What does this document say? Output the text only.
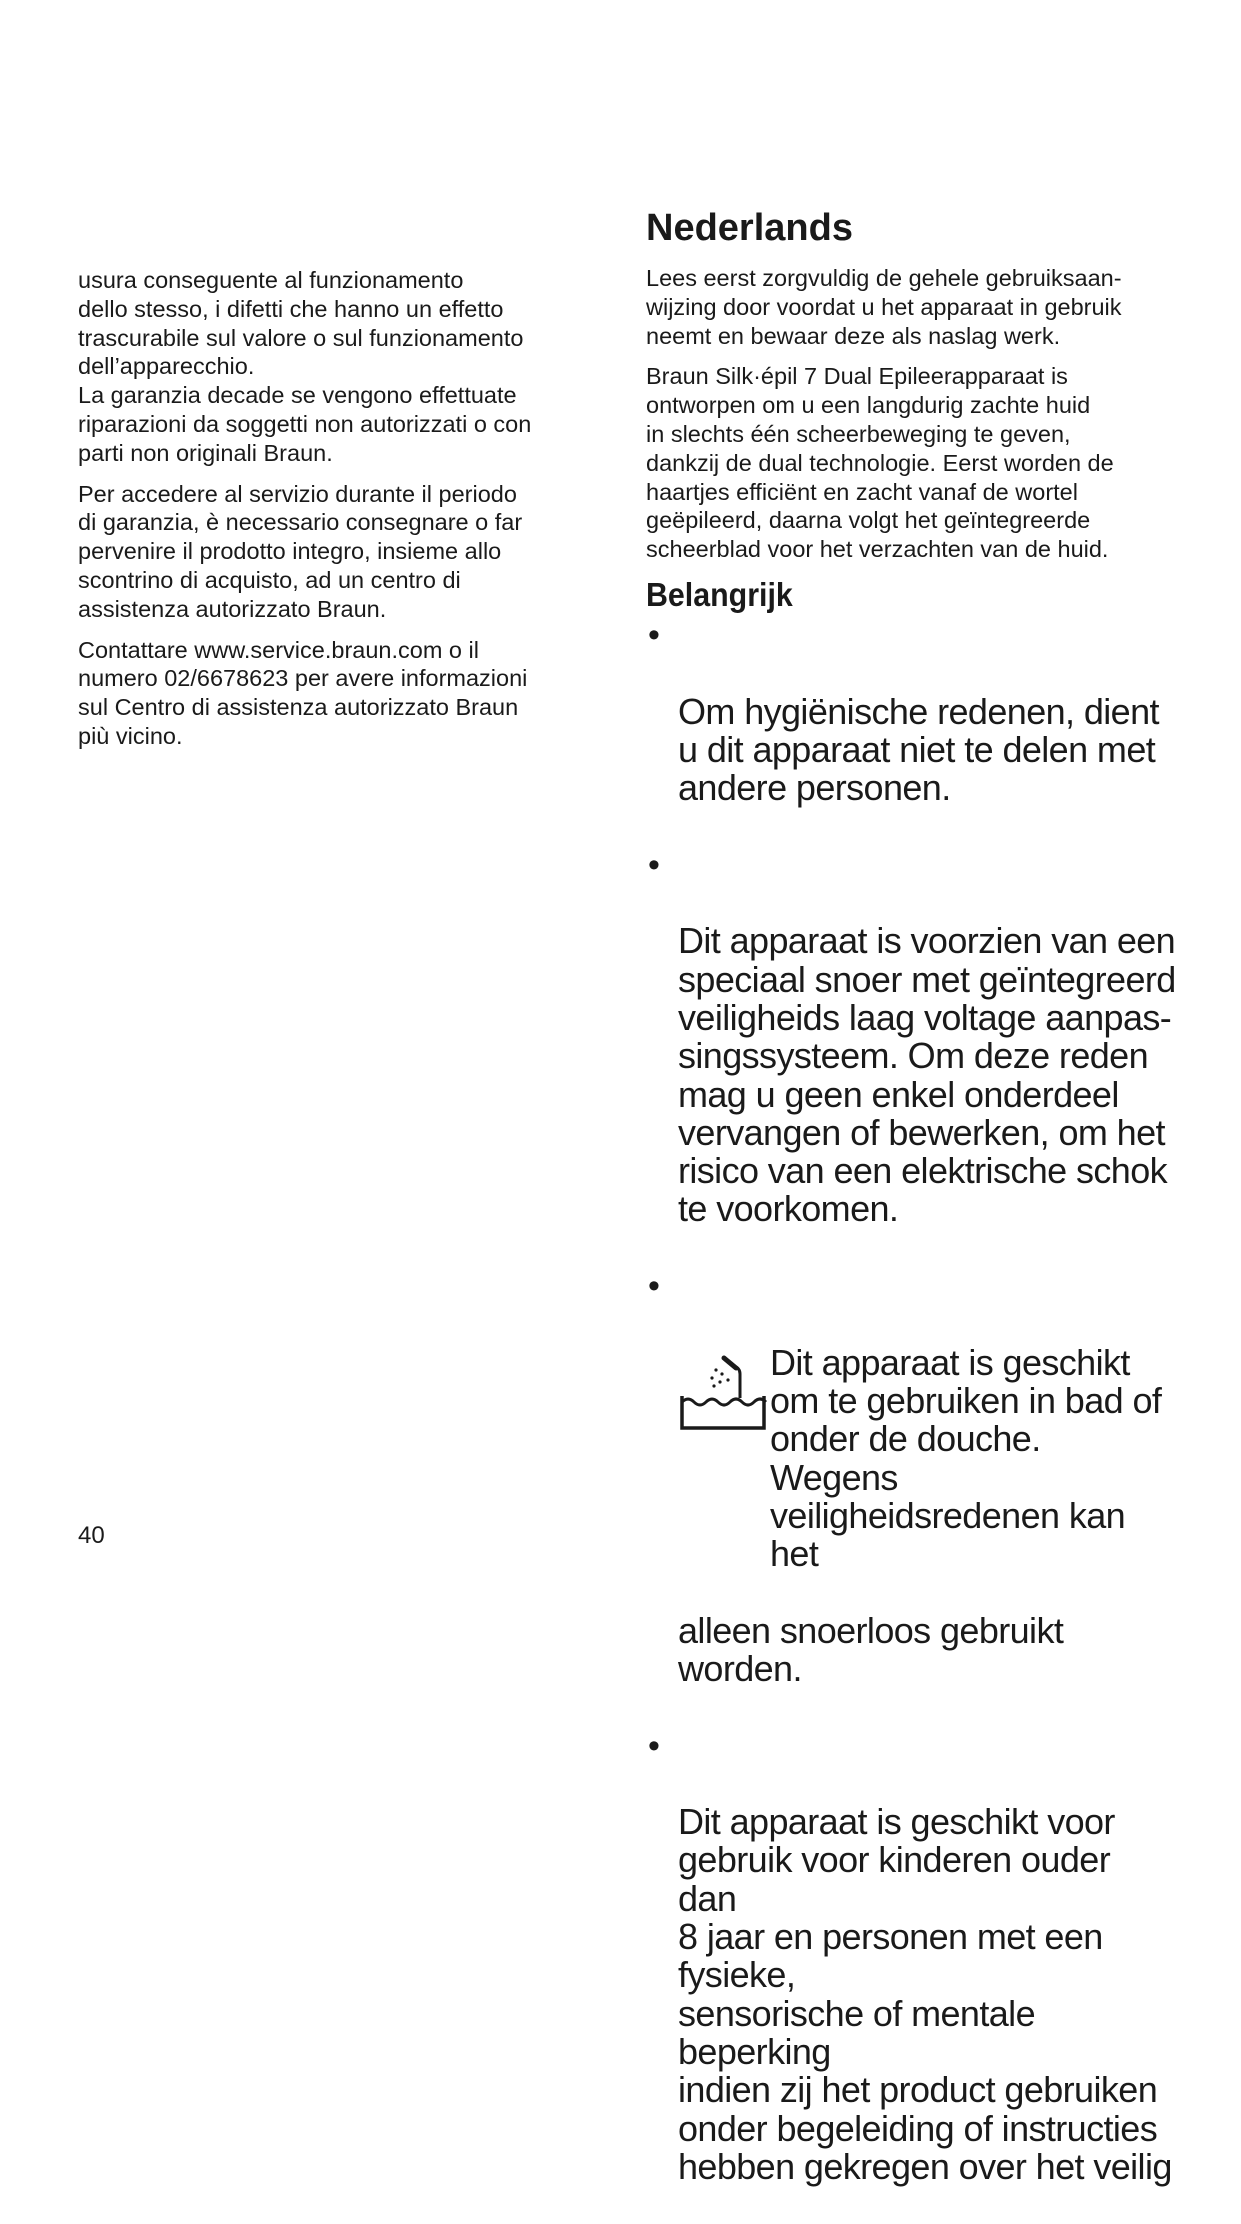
usura conseguente al funzionamento
dello stesso, i difetti che hanno un effetto
trascurabile sul valore o sul funzionamento
dell’apparecchio.
La garanzia decade se vengono effettuate
riparazioni da soggetti non autorizzati o con
parti non originali Braun.

Per accedere al servizio durante il periodo
di garanzia, è necessario consegnare o far
pervenire il prodotto integro, insieme allo
scontrino di acquisto, ad un centro di
assistenza autorizzato Braun.

Contattare www.service.braun.com o il
numero 02/6678623 per avere informazioni
sul Centro di assistenza autorizzato Braun
più vicino.

Nederlands

Lees eerst zorgvuldig de gehele gebruiksaan-
wijzing door voordat u het apparaat in gebruik
neemt en bewaar deze als naslag werk.

Braun Silk·épil 7 Dual Epileerapparaat is
ontworpen om u een langdurig zachte huid
in slechts één scheerbeweging te geven,
dankzij de dual technologie. Eerst worden de
haartjes efficiënt en zacht vanaf de wortel
geëpileerd, daarna volgt het geïntegreerde
scheerblad voor het verzachten van de huid.

Belangrijk

•

Om hygiënische redenen, dient
u dit apparaat niet te delen met
andere personen.

•

Dit apparaat is voorzien van een
speciaal snoer met geïntegreerd
veiligheids laag voltage aanpas-
singssysteem. Om deze reden
mag u geen enkel onderdeel
vervangen of bewerken, om het
risico van een elektrische schok
te voorkomen.

•

Dit apparaat is geschikt
om te gebruiken in bad of
onder de douche. Wegens
veiligheidsredenen kan het

alleen snoerloos gebruikt worden.

•

Dit apparaat is geschikt voor
gebruik voor kinderen ouder dan
8 jaar en personen met een fysieke,
sensorische of mentale beperking
indien zij het product gebruiken
onder begeleiding of instructies
hebben gekregen over het veilig

40
